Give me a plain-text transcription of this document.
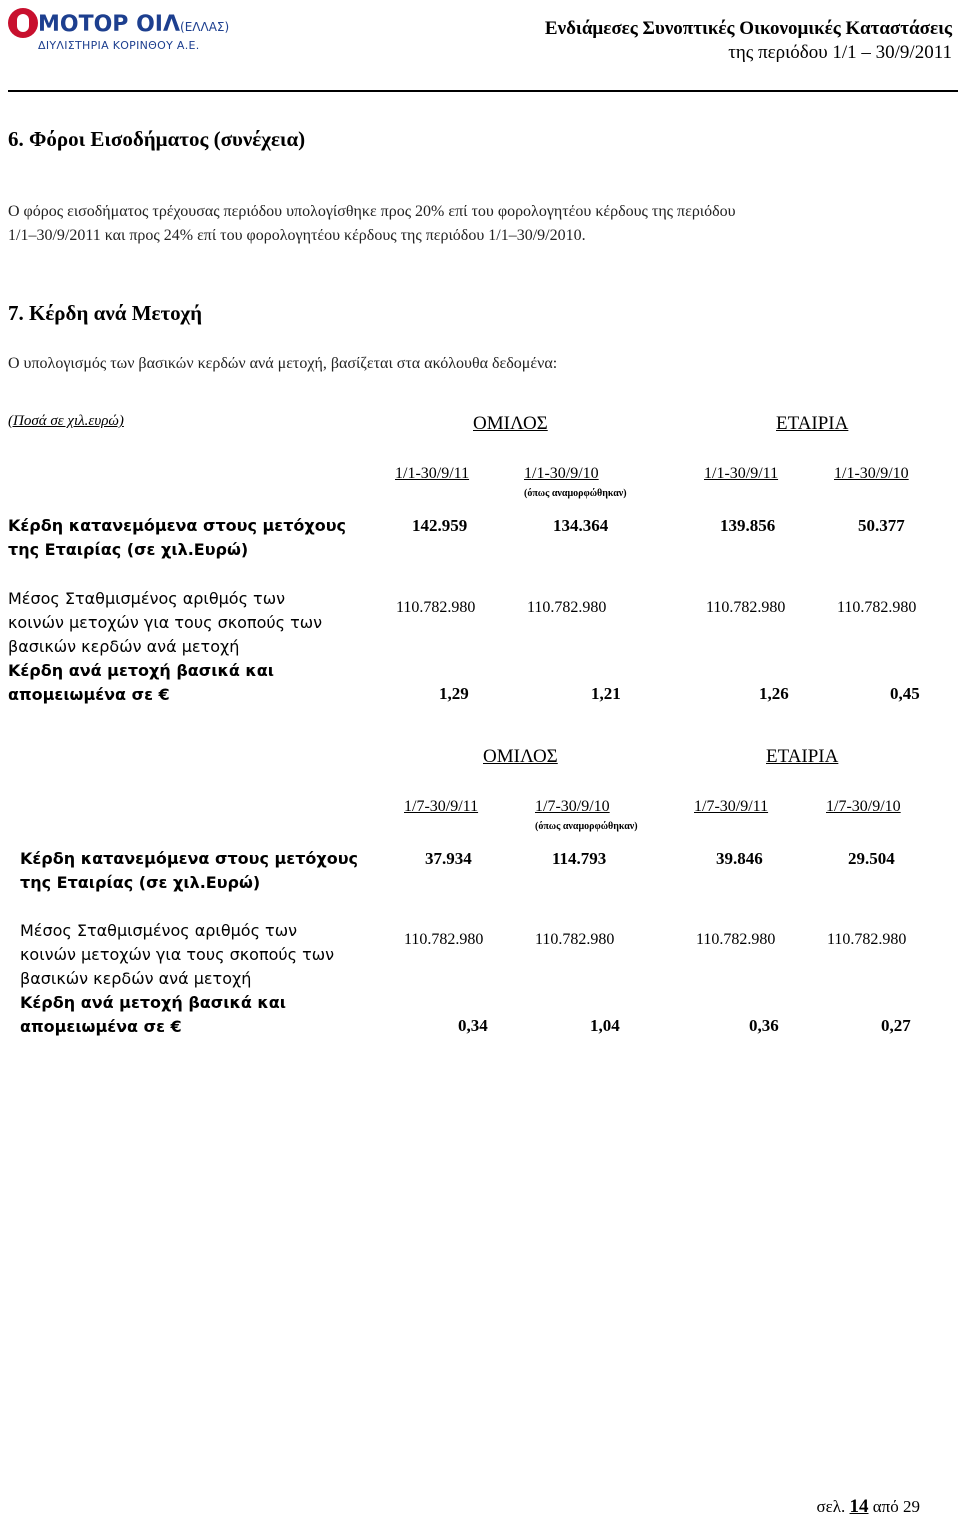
ΜΟΤΟΡ ΟΙΛ(ΕΛΛΑΣ)
ΔΙΥΛΙΣΤΗΡΙΑ ΚΟΡΙΝΘΟΥ Α.Ε.
Ενδιάμεσες Συνοπτικές Οικονομικές Καταστάσεις
της περιόδου 1/1 – 30/9/2011
6. Φόροι Εισοδήματος (συνέχεια)
Ο φόρος εισοδήματος τρέχουσας περιόδου υπολογίσθηκε προς 20% επί του φορολογητέου κέρδους της περιόδου
1/1–30/9/2011 και προς 24% επί του φορολογητέου κέρδους της περιόδου 1/1–30/9/2010.
7. Κέρδη ανά Μετοχή
Ο υπολογισμός των βασικών κερδών ανά μετοχή, βασίζεται στα ακόλουθα δεδομένα:
(Ποσά σε χιλ.ευρώ)	ΟΜΙΛΟΣ	ΕΤΑΙΡΙΑ
1/1-30/9/11	1/1-30/9/10	1/1-30/9/11	1/1-30/9/10
(όπως αναμορφώθηκαν)
Κέρδη κατανεμόμενα στους μετόχους
της Εταιρίας (σε χιλ.Ευρώ)
142.959	134.364	139.856	50.377
Μέσος Σταθμισμένος αριθμός των
κοινών μετοχών για τους σκοπούς των
βασικών κερδών ανά μετοχή
110.782.980	110.782.980	110.782.980	110.782.980
Κέρδη ανά μετοχή βασικά και
απομειωμένα σε €	1,29	1,21	1,26	0,45
ΟΜΙΛΟΣ	ΕΤΑΙΡΙΑ
1/7-30/9/11	1/7-30/9/10	1/7-30/9/11	1/7-30/9/10
(όπως αναμορφώθηκαν)
Κέρδη κατανεμόμενα στους μετόχους
της Εταιρίας (σε χιλ.Ευρώ)
37.934	114.793	39.846	29.504
Μέσος Σταθμισμένος αριθμός των
κοινών μετοχών για τους σκοπούς των
βασικών κερδών ανά μετοχή
110.782.980	110.782.980	110.782.980	110.782.980
Κέρδη ανά μετοχή βασικά και
απομειωμένα σε €	0,34	1,04	0,36	0,27
σελ. 14 από 29
